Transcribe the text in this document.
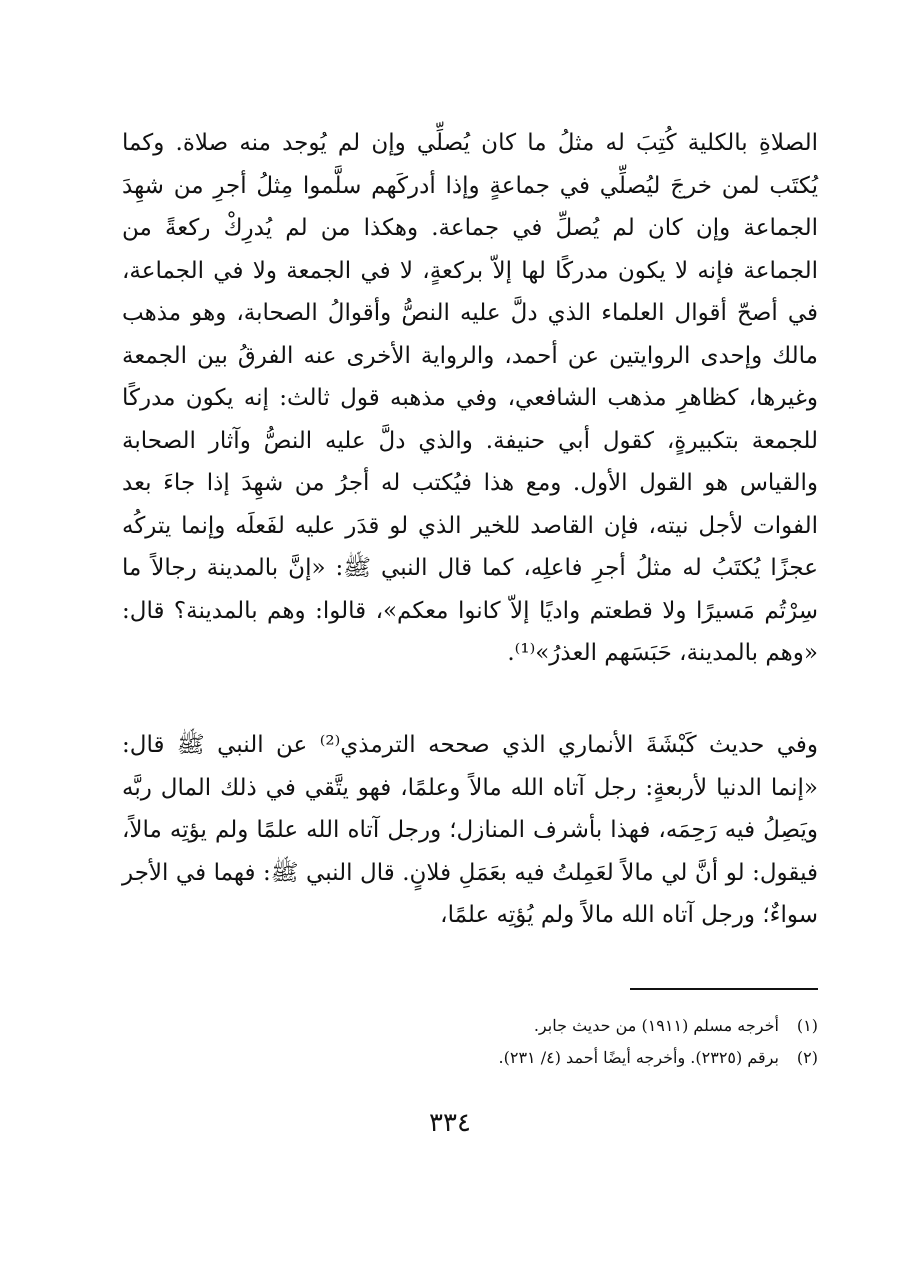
الصلاةِ بالكلية كُتِبَ له مثلُ ما كان يُصلِّي وإن لم يُوجد منه صلاة. وكما يُكتَب لمن خرجَ ليُصلِّي في جماعةٍ وإذا أدركَهم سلَّموا مِثلُ أجرِ من شهِدَ الجماعة وإن كان لم يُصلِّ في جماعة. وهكذا من لم يُدرِكْ ركعةً من الجماعة فإنه لا يكون مدركًا لها إلاّ بركعةٍ، لا في الجمعة ولا في الجماعة، في أصحّ أقوال العلماء الذي دلَّ عليه النصُّ وأقوالُ الصحابة، وهو مذهب مالك وإحدى الروايتين عن أحمد، والرواية الأخرى عنه الفرقُ بين الجمعة وغيرها، كظاهرِ مذهب الشافعي، وفي مذهبه قول ثالث: إنه يكون مدركًا للجمعة بتكبيرةٍ، كقول أبي حنيفة. والذي دلَّ عليه النصُّ وآثار الصحابة والقياس هو القول الأول. ومع هذا فيُكتب له أجرُ من شهِدَ إذا جاءَ بعد الفوات لأجل نيته، فإن القاصد للخير الذي لو قدَر عليه لفَعلَه وإنما يتركُه عجزًا يُكتَبُ له مثلُ أجرِ فاعلِه، كما قال النبي ﷺ: «إنَّ بالمدينة رجالاً ما سِرْتُم مَسيرًا ولا قطعتم واديًا إلاّ كانوا معكم»، قالوا: وهم بالمدينة؟ قال: «وهم بالمدينة، حَبَسَهم العذرُ»⁽¹⁾.

وفي حديث كَبْشَةَ الأنماري الذي صححه الترمذي⁽²⁾ عن النبي ﷺ قال: «إنما الدنيا لأربعةٍ: رجل آتاه الله مالاً وعلمًا، فهو يتَّقي في ذلك المال ربَّه ويَصِلُ فيه رَحِمَه، فهذا بأشرف المنازل؛ ورجل آتاه الله علمًا ولم يؤتِه مالاً، فيقول: لو أنَّ لي مالاً لعَمِلتُ فيه بعَمَلِ فلانٍ. قال النبي ﷺ: فهما في الأجر سواءٌ؛ ورجل آتاه الله مالاً ولم يُؤتِه علمًا،

(١) أخرجه مسلم (١٩١١) من حديث جابر.

(٢) برقم (٢٣٢٥). وأخرجه أيضًا أحمد (٤/ ٢٣١).

٣٣٤
